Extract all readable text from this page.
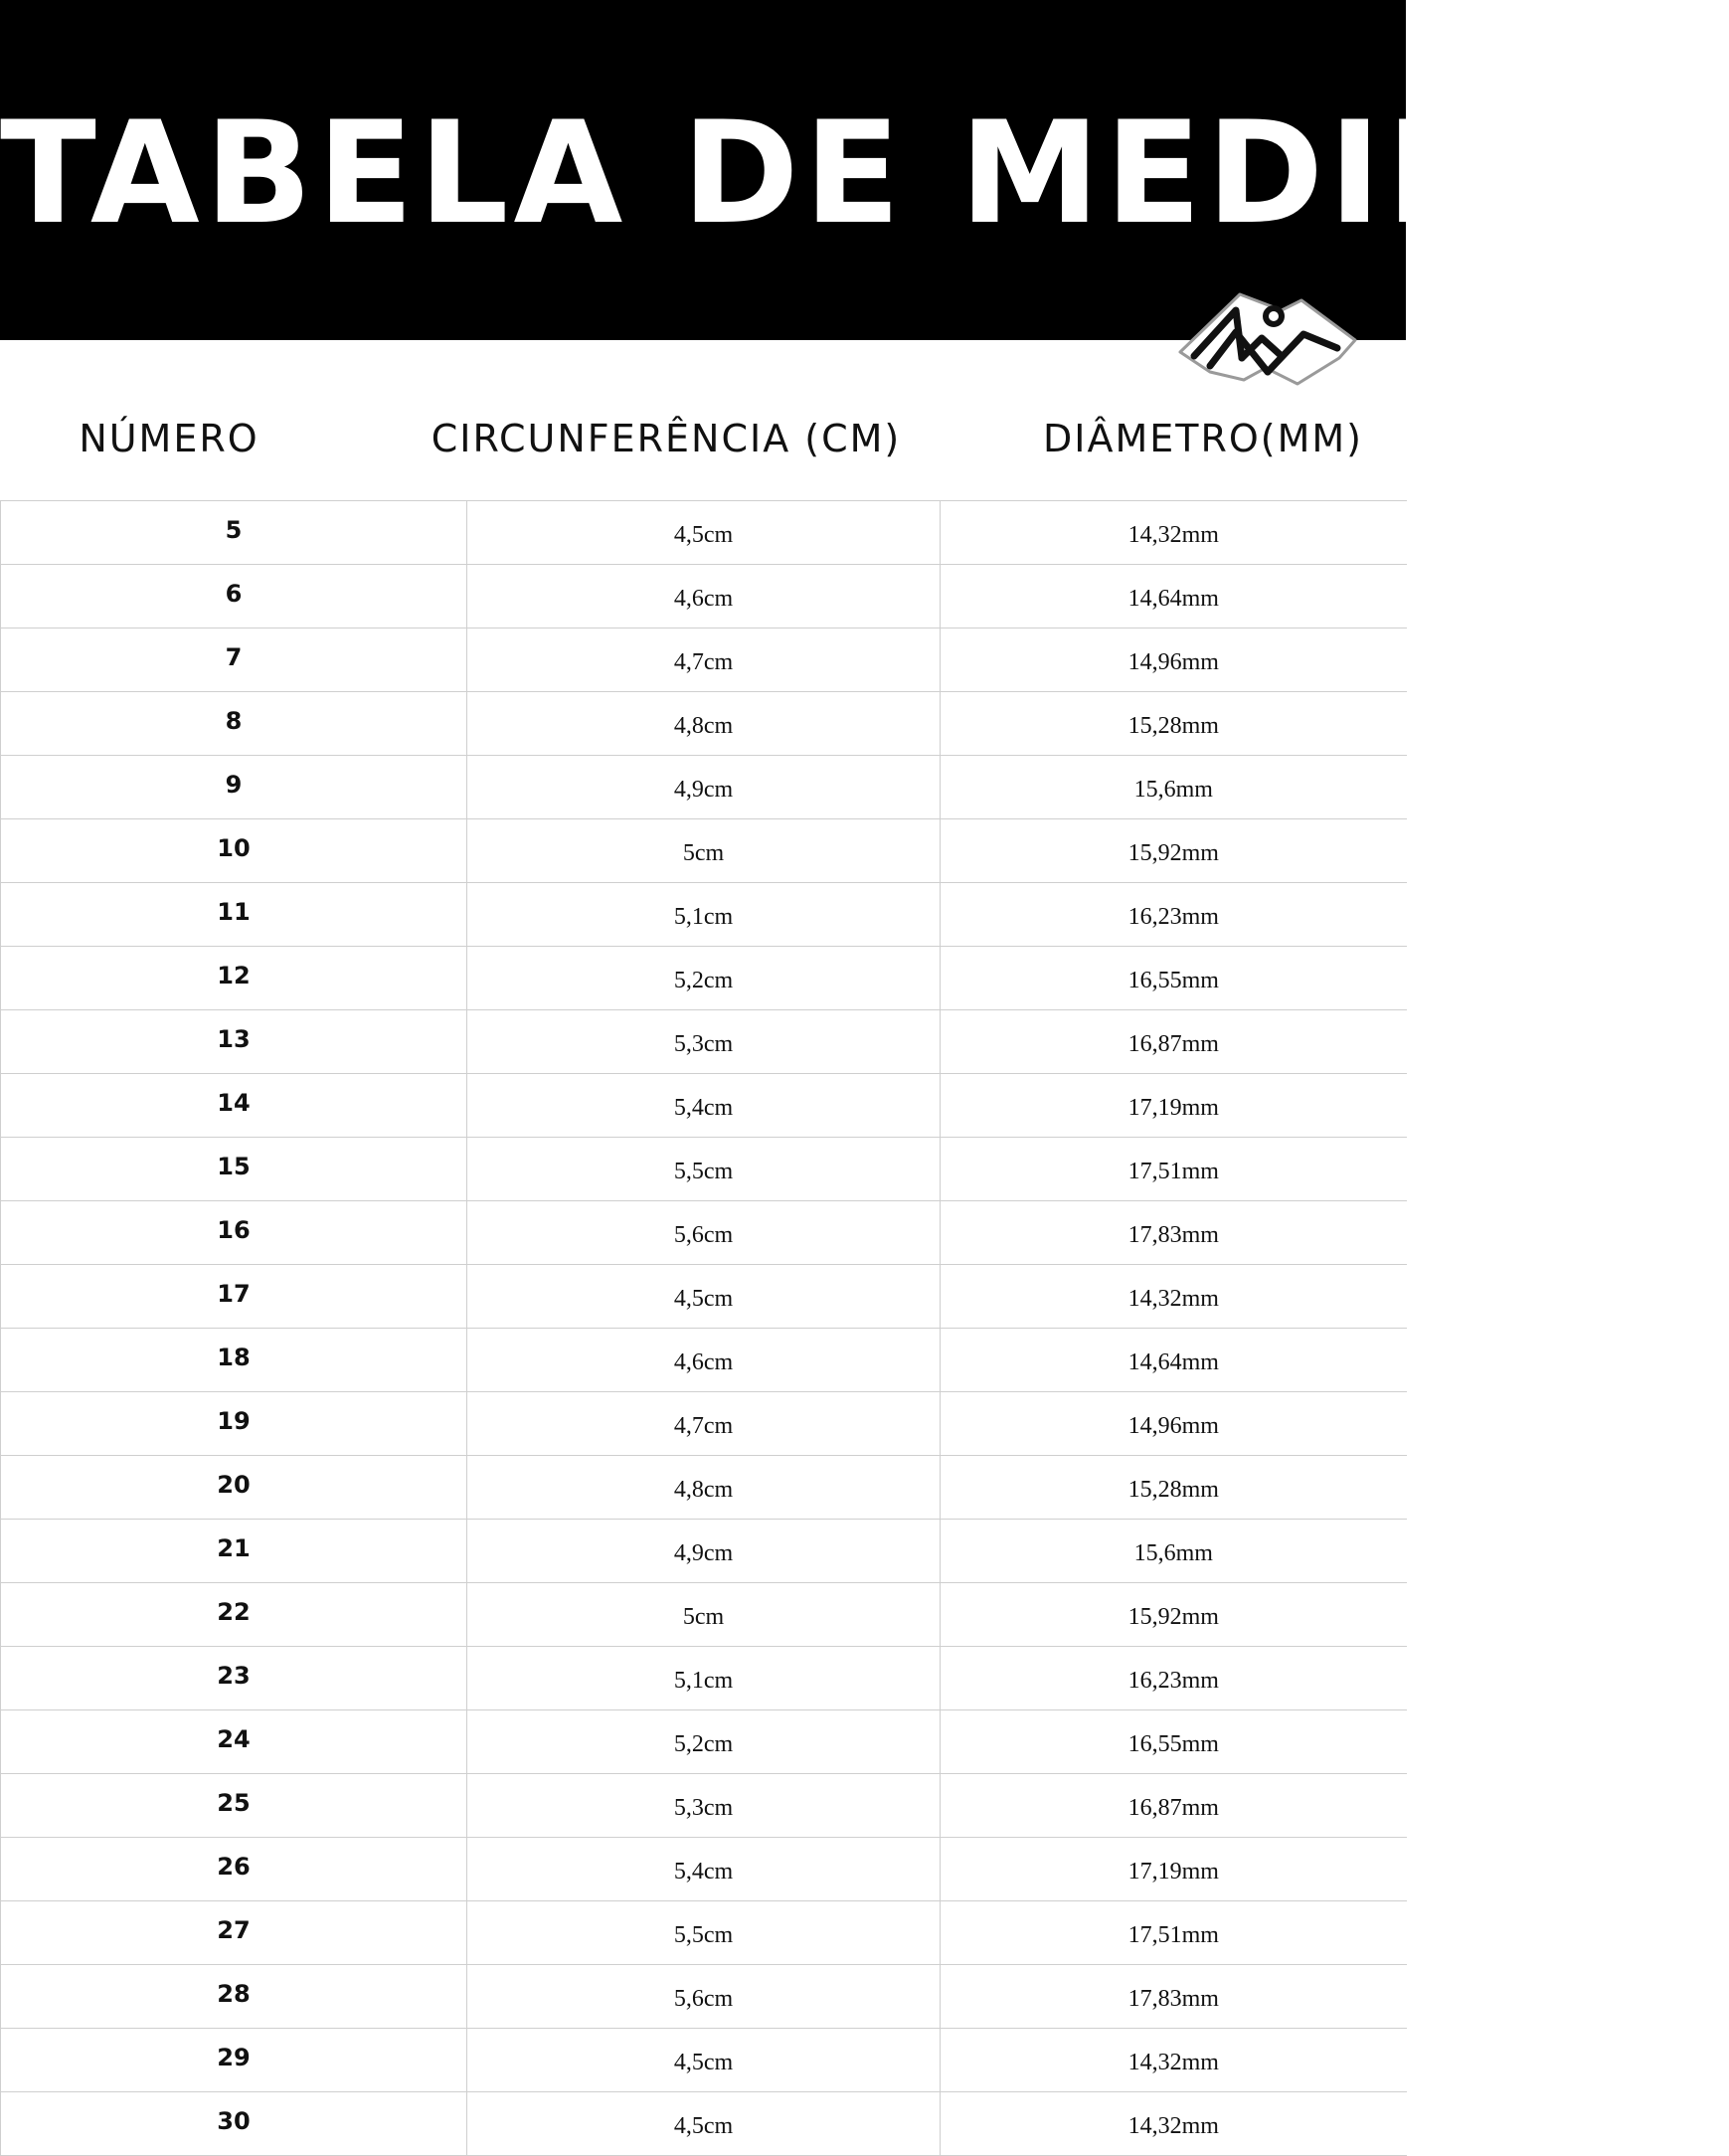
TABELA DE MEDIDAS
NÚMERO	CIRCUNFERÊNCIA (CM)	DIÂMETRO(MM)
5	4,5cm	14,32mm
6	4,6cm	14,64mm
7	4,7cm	14,96mm
8	4,8cm	15,28mm
9	4,9cm	15,6mm
10	5cm	15,92mm
11	5,1cm	16,23mm
12	5,2cm	16,55mm
13	5,3cm	16,87mm
14	5,4cm	17,19mm
15	5,5cm	17,51mm
16	5,6cm	17,83mm
17	4,5cm	14,32mm
18	4,6cm	14,64mm
19	4,7cm	14,96mm
20	4,8cm	15,28mm
21	4,9cm	15,6mm
22	5cm	15,92mm
23	5,1cm	16,23mm
24	5,2cm	16,55mm
25	5,3cm	16,87mm
26	5,4cm	17,19mm
27	5,5cm	17,51mm
28	5,6cm	17,83mm
29	4,5cm	14,32mm
30	4,5cm	14,32mm
